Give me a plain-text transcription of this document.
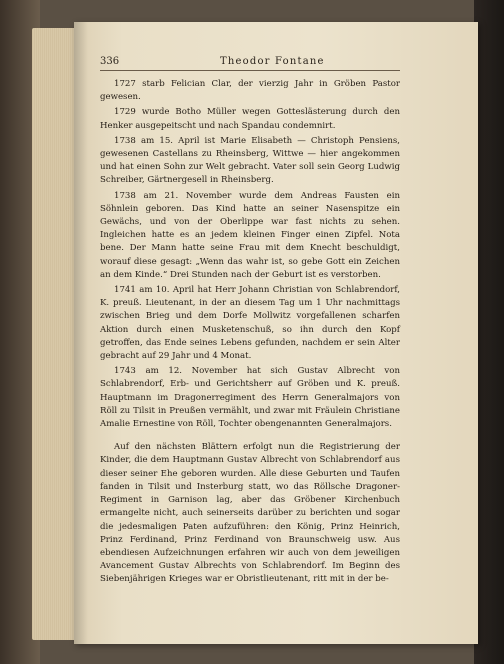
336	Theodor Fontane

1727 starb Felician Clar, der vierzig Jahr in Gröben Pastor gewesen.

1729 wurde Botho Müller wegen Gotteslästerung durch den Henker ausgepeitscht und nach Spandau condemnirt.

1738 am 15. April ist Marie Elisabeth — Christoph Pensiens, gewesenen Castellans zu Rheinsberg, Wittwe — hier angekommen und hat einen Sohn zur Welt gebracht. Vater soll sein Georg Ludwig Schreiber, Gärtnergesell in Rheinsberg.

1738 am 21. November wurde dem Andreas Fausten ein Söhnlein geboren. Das Kind hatte an seiner Nasenspitze ein Gewächs, und von der Oberlippe war fast nichts zu sehen. Ingleichen hatte es an jedem kleinen Finger einen Zipfel. Nota bene. Der Mann hatte seine Frau mit dem Knecht beschuldigt, worauf diese gesagt: „Wenn das wahr ist, so gebe Gott ein Zeichen an dem Kinde.“ Drei Stunden nach der Geburt ist es verstorben.

1741 am 10. April hat Herr Johann Christian von Schlabrendorf, K. preuß. Lieutenant, in der an diesem Tag um 1 Uhr nachmittags zwischen Brieg und dem Dorfe Mollwitz vorgefallenen scharfen Aktion durch einen Musketenschuß, so ihn durch den Kopf getroffen, das Ende seines Lebens gefunden, nachdem er sein Alter gebracht auf 29 Jahr und 4 Monat.

1743 am 12. November hat sich Gustav Albrecht von Schlabrendorf, Erb- und Gerichtsherr auf Gröben und K. preuß. Hauptmann im Dragonerregiment des Herrn Generalmajors von Röll zu Tilsit in Preußen vermählt, und zwar mit Fräulein Christiane Amalie Ernestine von Röll, Tochter obengenannten Generalmajors.

Auf den nächsten Blättern erfolgt nun die Registrierung der Kinder, die dem Hauptmann Gustav Albrecht von Schlabrendorf aus dieser seiner Ehe geboren wurden. Alle diese Geburten und Taufen fanden in Tilsit und Insterburg statt, wo das Röllsche Dragoner-Regiment in Garnison lag, aber das Gröbener Kirchenbuch ermangelte nicht, auch seinerseits darüber zu berichten und sogar die jedesmaligen Paten aufzuführen: den König, Prinz Heinrich, Prinz Ferdinand, Prinz Ferdinand von Braunschweig usw. Aus ebendiesen Aufzeichnungen erfahren wir auch von dem jeweiligen Avancement Gustav Albrechts von Schlabrendorf. Im Beginn des Siebenjährigen Krieges war er Obristlieutenant, ritt mit in der be-
